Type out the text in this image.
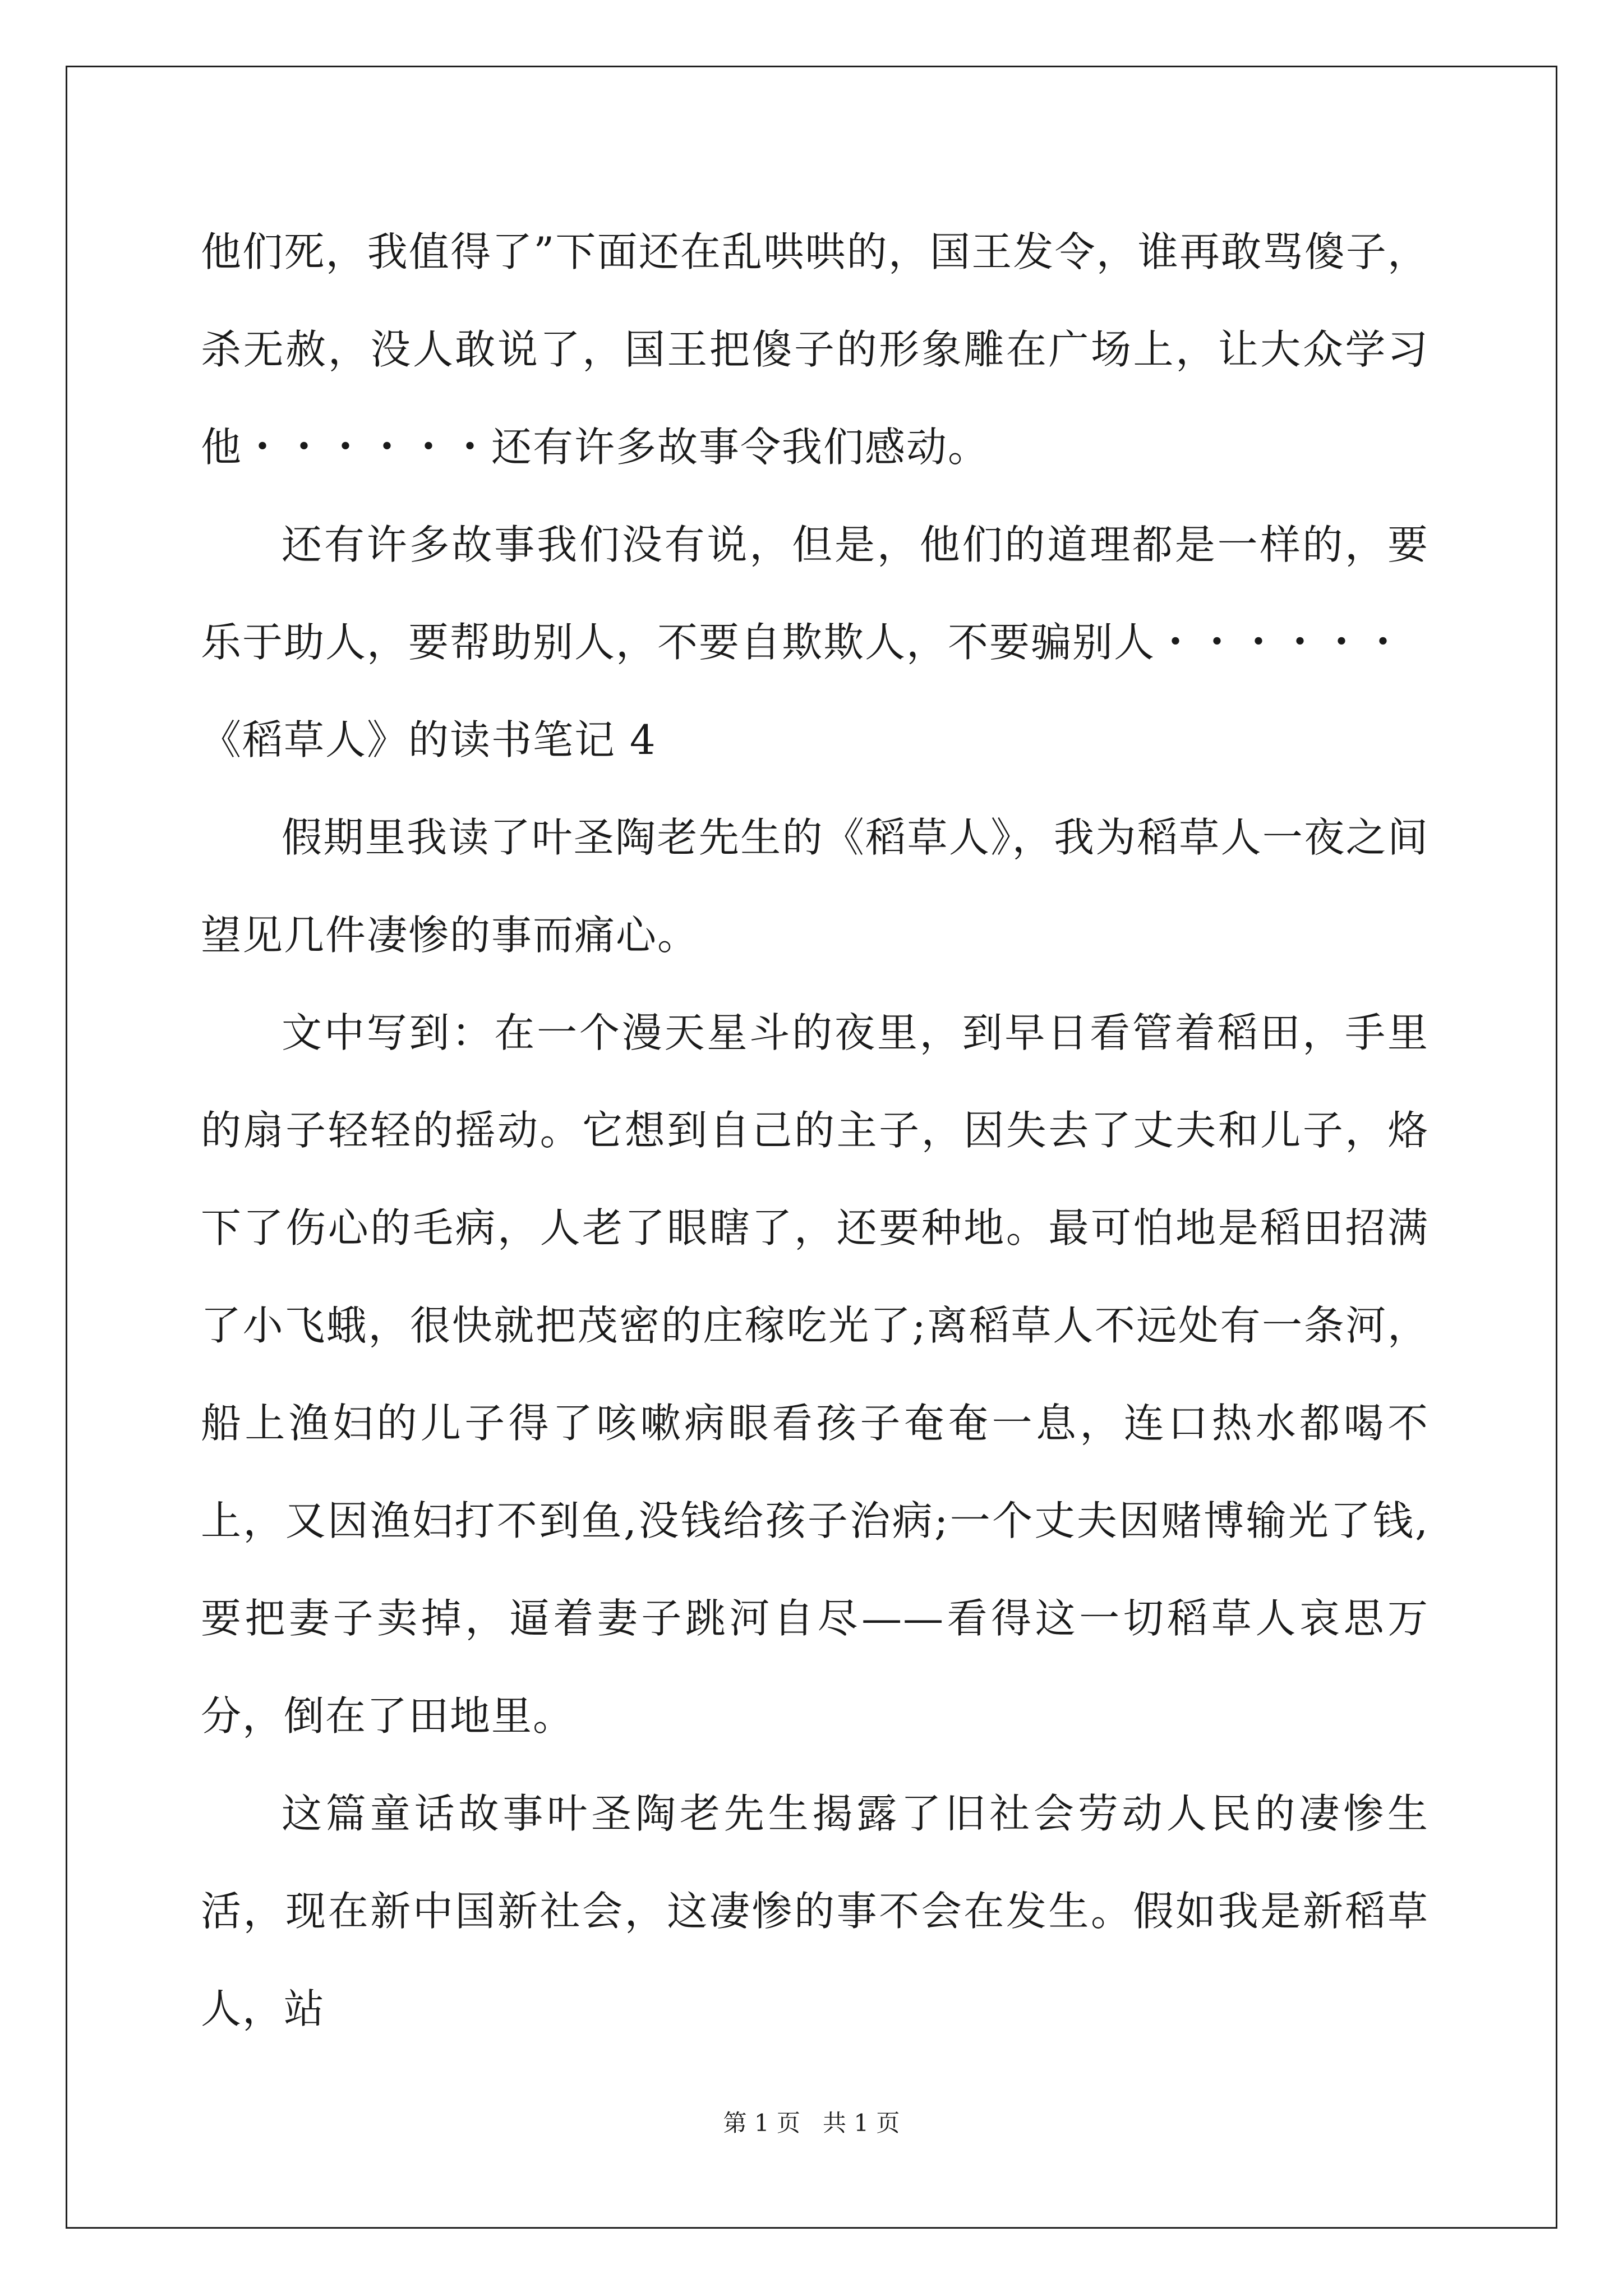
他们死，我值得了”下面还在乱哄哄的，国王发令，谁再敢骂傻子，杀无赦，没人敢说了，国王把傻子的形象雕在广场上，让大众学习他・・・・・・还有许多故事令我们感动。

还有许多故事我们没有说，但是，他们的道理都是一样的，要乐于助人，要帮助别人，不要自欺欺人，不要骗别人・・・・・・

《稻草人》的读书笔记 4

假期里我读了叶圣陶老先生的《稻草人》，我为稻草人一夜之间望见几件凄惨的事而痛心。

文中写到：在一个漫天星斗的夜里，到早日看管着稻田，手里的扇子轻轻的摇动。它想到自己的主子，因失去了丈夫和儿子，烙下了伤心的毛病，人老了眼瞎了，还要种地。最可怕地是稻田招满了小飞蛾，很快就把茂密的庄稼吃光了;离稻草人不远处有一条河，船上渔妇的儿子得了咳嗽病眼看孩子奄奄一息，连口热水都喝不上，又因渔妇打不到鱼,没钱给孩子治病;一个丈夫因赌博输光了钱,要把妻子卖掉，逼着妻子跳河自尽——看得这一切稻草人哀思万分，倒在了田地里。

这篇童话故事叶圣陶老先生揭露了旧社会劳动人民的凄惨生活，现在新中国新社会，这凄惨的事不会在发生。假如我是新稻草人，站

第 1 页 共 1 页
